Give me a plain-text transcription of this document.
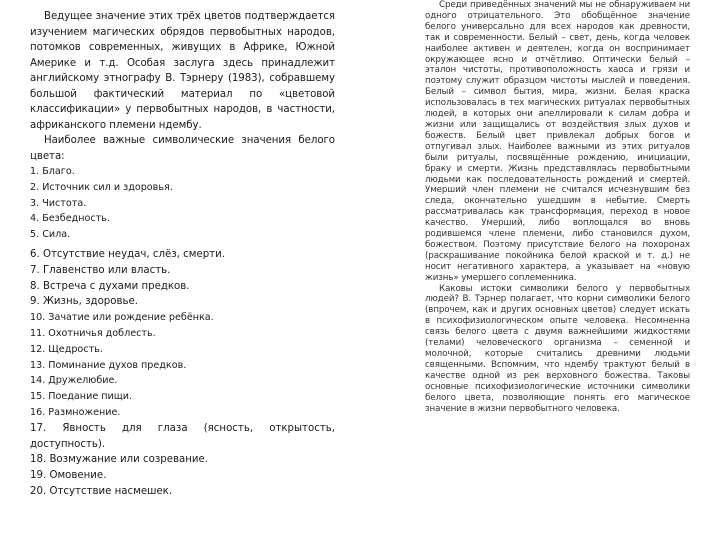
Ведущее значение этих трёх цветов подтверждается изучением магических обрядов первобытных народов, потомков современных, живущих в Африке, Южной Америке и т.д. Особая заслуга здесь принадлежит английскому этнографу В. Тэрнеру (1983), собравшему большой фактический материал по «цветовой классификации» у первобытных народов, в частности, африканского племени ндембу.

Наиболее важные символические значения белого цвета:

1. Благо.
2. Источник сил и здоровья.
3. Чистота.
4. Безбедность.
5. Сила.
6. Отсутствие неудач, слёз, смерти.
7. Главенство или власть.
8. Встреча с духами предков.
9. Жизнь, здоровье.
10. Зачатие или рождение ребёнка.
11. Охотничья доблесть.
12. Щедрость.
13. Поминание духов предков.
14. Дружелюбие.
15. Поедание пищи.
16. Размножение.
17. Явность для глаза (ясность, открытость, доступность).
18. Возмужание или созревание.
19. Омовение.
20. Отсутствие насмешек.

Среди приведённых значений мы не обнаруживаем ни одного отрицательного. Это обобщённое значение белого универсально для всех народов как древности, так и современности. Белый – свет, день, когда человек наиболее активен и деятелен, когда он воспринимает окружающее ясно и отчётливо. Оптически белый – эталон чистоты, противоположность хаоса и грязи и поэтому служит образцом чистоты мыслей и поведения. Белый – символ бытия, мира, жизни. Белая краска использовалась в тех магических ритуалах первобытных людей, в которых они апеллировали к силам добра и жизни или защищались от воздействия злых духов и божеств. Белый цвет привлекал добрых богов и отпугивал злых. Наиболее важными из этих ритуалов были ритуалы, посвящённые рождению, инициации, браку и смерти. Жизнь представлялась первобытными людьми как последовательность рождений и смертей. Умерший член племени не считался исчезнувшим без следа, окончательно ушедшим в небытие. Смерть рассматривалась как трансформация, переход в новое качество. Умерший, либо воплощался во вновь родившемся члене племени, либо становился духом, божеством. Поэтому присутствие белого на похоронах (раскрашивание покойника белой краской и т. д.) не носит негативного характера, а указывает на «новую жизнь» умершего соплеменника.

Каковы истоки символики белого у первобытных людей? В. Тэрнер полагает, что корни символики белого (впрочем, как и других основных цветов) следует искать в психофизиологическом опыте человека. Несомненна связь белого цвета с двумя важнейшими жидкостями (телами) человеческого организма – семенной и молочной, которые считались древними людьми священными. Вспомним, что ндембу трактуют белый в качестве одной из рек верховного божества. Таковы основные психофизиологические источники символики белого цвета, позволяющие понять его магическое значение в жизни первобытного человека.
